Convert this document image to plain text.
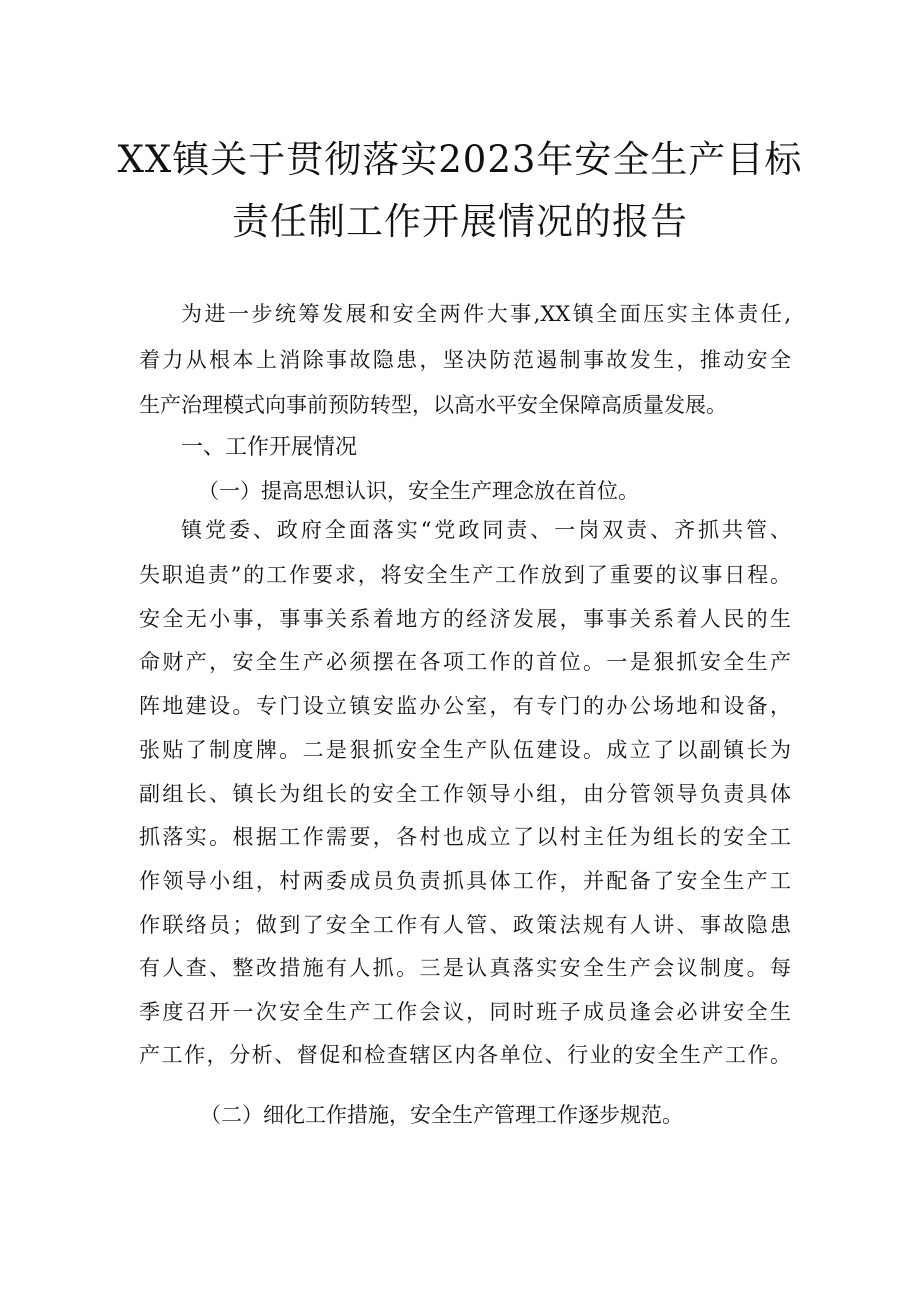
XX镇关于贯彻落实2023年安全生产目标
责任制工作开展情况的报告
为进一步统筹发展和安全两件大事,XX镇全面压实主体责任,
着力从根本上消除事故隐患，坚决防范遏制事故发生，推动安全
生产治理模式向事前预防转型，以高水平安全保障高质量发展。
一、工作开展情况
（一）提高思想认识，安全生产理念放在首位。
镇党委、政府全面落实“党政同责、一岗双责、齐抓共管、
失职追责”的工作要求，将安全生产工作放到了重要的议事日程。
安全无小事，事事关系着地方的经济发展，事事关系着人民的生
命财产，安全生产必须摆在各项工作的首位。一是狠抓安全生产
阵地建设。专门设立镇安监办公室，有专门的办公场地和设备，
张贴了制度牌。二是狠抓安全生产队伍建设。成立了以副镇长为
副组长、镇长为组长的安全工作领导小组，由分管领导负责具体
抓落实。根据工作需要，各村也成立了以村主任为组长的安全工
作领导小组，村两委成员负责抓具体工作，并配备了安全生产工
作联络员；做到了安全工作有人管、政策法规有人讲、事故隐患
有人查、整改措施有人抓。三是认真落实安全生产会议制度。每
季度召开一次安全生产工作会议，同时班子成员逢会必讲安全生
产工作，分析、督促和检查辖区内各单位、行业的安全生产工作。
（二）细化工作措施，安全生产管理工作逐步规范。
